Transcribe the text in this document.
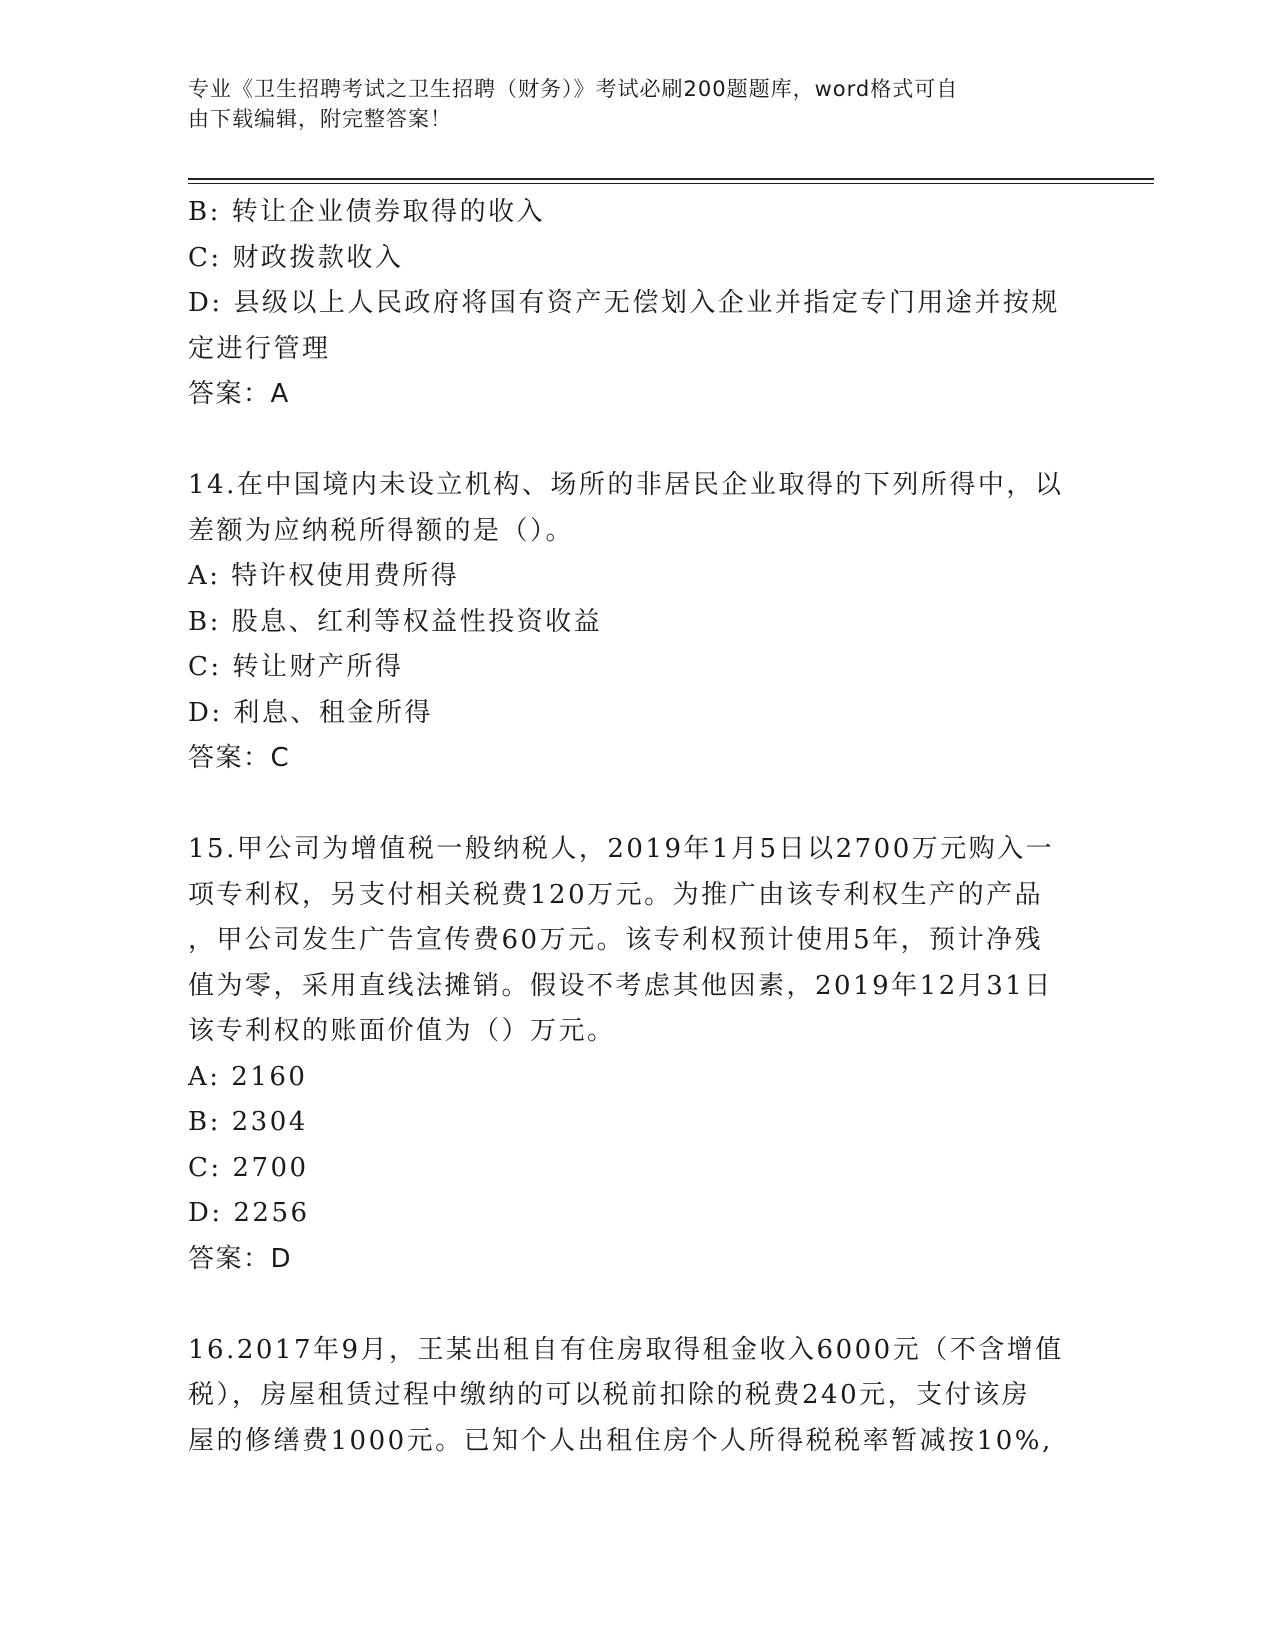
专业《卫生招聘考试之卫生招聘（财务）》考试必刷200题题库，word格式可自
由下载编辑，附完整答案！
B: 转让企业债券取得的收入
C: 财政拨款收入
D: 县级以上人民政府将国有资产无偿划入企业并指定专门用途并按规
定进行管理
答案：A
14.在中国境内未设立机构、场所的非居民企业取得的下列所得中，以
差额为应纳税所得额的是（）。
A: 特许权使用费所得
B: 股息、红利等权益性投资收益
C: 转让财产所得
D: 利息、租金所得
答案：C
15.甲公司为增值税一般纳税人，2019年1月5日以2700万元购入一
项专利权，另支付相关税费120万元。为推广由该专利权生产的产品
，甲公司发生广告宣传费60万元。该专利权预计使用5年，预计净残
值为零，采用直线法摊销。假设不考虑其他因素，2019年12月31日
该专利权的账面价值为（）万元。
A: 2160
B: 2304
C: 2700
D: 2256
答案：D
16.2017年9月，王某出租自有住房取得租金收入6000元（不含增值
税），房屋租赁过程中缴纳的可以税前扣除的税费240元，支付该房
屋的修缮费1000元。已知个人出租住房个人所得税税率暂减按10%,
